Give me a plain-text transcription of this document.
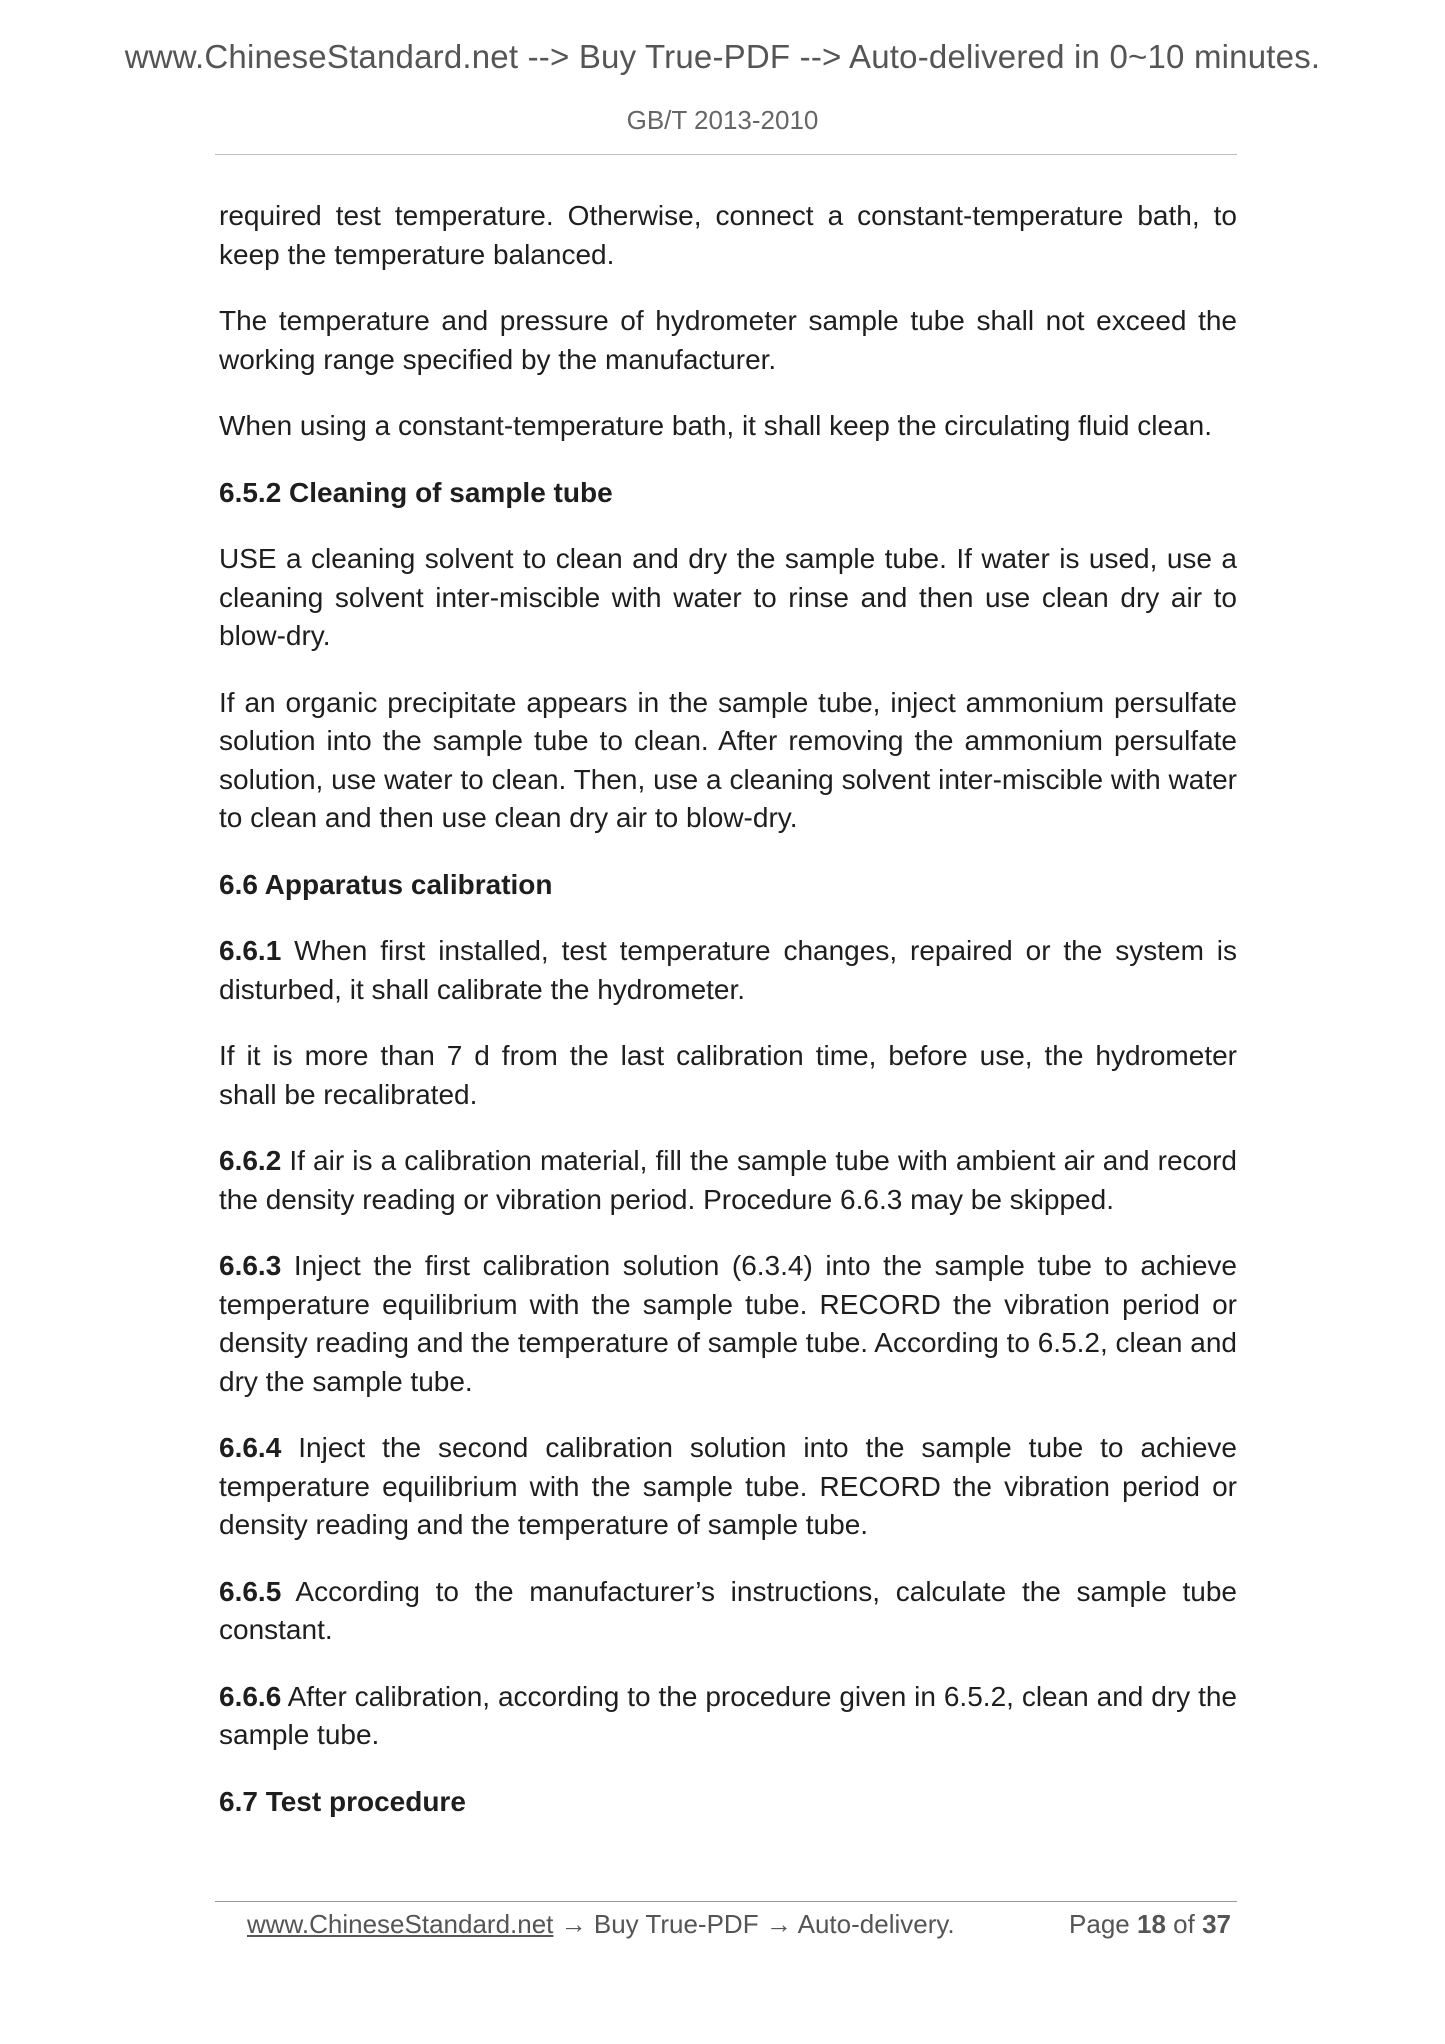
www.ChineseStandard.net --> Buy True-PDF --> Auto-delivered in 0~10 minutes.
GB/T 2013-2010

required test temperature. Otherwise, connect a constant-temperature bath, to keep the temperature balanced.

The temperature and pressure of hydrometer sample tube shall not exceed the working range specified by the manufacturer.

When using a constant-temperature bath, it shall keep the circulating fluid clean.

6.5.2 Cleaning of sample tube

USE a cleaning solvent to clean and dry the sample tube. If water is used, use a cleaning solvent inter-miscible with water to rinse and then use clean dry air to blow-dry.

If an organic precipitate appears in the sample tube, inject ammonium persulfate solution into the sample tube to clean. After removing the ammonium persulfate solution, use water to clean. Then, use a cleaning solvent inter-miscible with water to clean and then use clean dry air to blow-dry.

6.6 Apparatus calibration

6.6.1 When first installed, test temperature changes, repaired or the system is disturbed, it shall calibrate the hydrometer.

If it is more than 7 d from the last calibration time, before use, the hydrometer shall be recalibrated.

6.6.2 If air is a calibration material, fill the sample tube with ambient air and record the density reading or vibration period. Procedure 6.6.3 may be skipped.

6.6.3 Inject the first calibration solution (6.3.4) into the sample tube to achieve temperature equilibrium with the sample tube. RECORD the vibration period or density reading and the temperature of sample tube. According to 6.5.2, clean and dry the sample tube.

6.6.4 Inject the second calibration solution into the sample tube to achieve temperature equilibrium with the sample tube. RECORD the vibration period or density reading and the temperature of sample tube.

6.6.5 According to the manufacturer’s instructions, calculate the sample tube constant.

6.6.6 After calibration, according to the procedure given in 6.5.2, clean and dry the sample tube.

6.7 Test procedure
www.ChineseStandard.net → Buy True-PDF → Auto-delivery.	Page 18 of 37
